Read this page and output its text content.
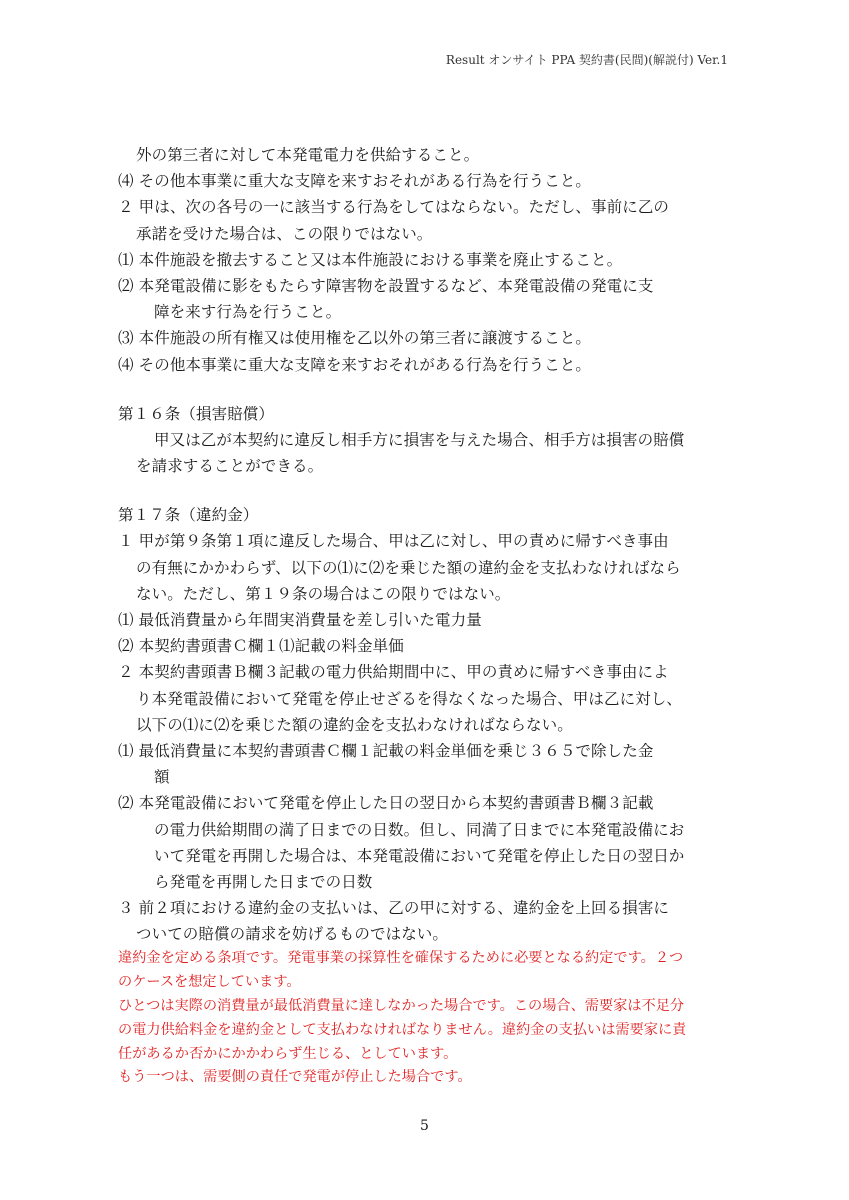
Result オンサイト PPA 契約書(民間)(解説付) Ver.1
外の第三者に対して本発電電力を供給すること。
⑷ その他本事業に重大な支障を来すおそれがある行為を行うこと。
２ 甲は、次の各号の一に該当する行為をしてはならない。ただし、事前に乙の
承諾を受けた場合は、この限りではない。
⑴ 本件施設を撤去すること又は本件施設における事業を廃止すること。
⑵ 本発電設備に影をもたらす障害物を設置するなど、本発電設備の発電に支
障を来す行為を行うこと。
⑶ 本件施設の所有権又は使用権を乙以外の第三者に譲渡すること。
⑷ その他本事業に重大な支障を来すおそれがある行為を行うこと。
第１６条（損害賠償）
甲又は乙が本契約に違反し相手方に損害を与えた場合、相手方は損害の賠償
を請求することができる。
第１７条（違約金）
１ 甲が第９条第１項に違反した場合、甲は乙に対し、甲の責めに帰すべき事由
の有無にかかわらず、以下の⑴に⑵を乗じた額の違約金を支払わなければなら
ない。ただし、第１９条の場合はこの限りではない。
⑴ 最低消費量から年間実消費量を差し引いた電力量
⑵ 本契約書頭書Ｃ欄１⑴記載の料金単価
２ 本契約書頭書Ｂ欄３記載の電力供給期間中に、甲の責めに帰すべき事由によ
り本発電設備において発電を停止せざるを得なくなった場合、甲は乙に対し、
以下の⑴に⑵を乗じた額の違約金を支払わなければならない。
⑴ 最低消費量に本契約書頭書Ｃ欄１記載の料金単価を乗じ３６５で除した金
額
⑵ 本発電設備において発電を停止した日の翌日から本契約書頭書Ｂ欄３記載
の電力供給期間の満了日までの日数。但し、同満了日までに本発電設備にお
いて発電を再開した場合は、本発電設備において発電を停止した日の翌日か
ら発電を再開した日までの日数
３ 前２項における違約金の支払いは、乙の甲に対する、違約金を上回る損害に
ついての賠償の請求を妨げるものではない。
違約金を定める条項です。発電事業の採算性を確保するために必要となる約定です。２つ
のケースを想定しています。
ひとつは実際の消費量が最低消費量に達しなかった場合です。この場合、需要家は不足分
の電力供給料金を違約金として支払わなければなりません。違約金の支払いは需要家に責
任があるか否かにかかわらず生じる、としています。
もう一つは、需要側の責任で発電が停止した場合です。
5
